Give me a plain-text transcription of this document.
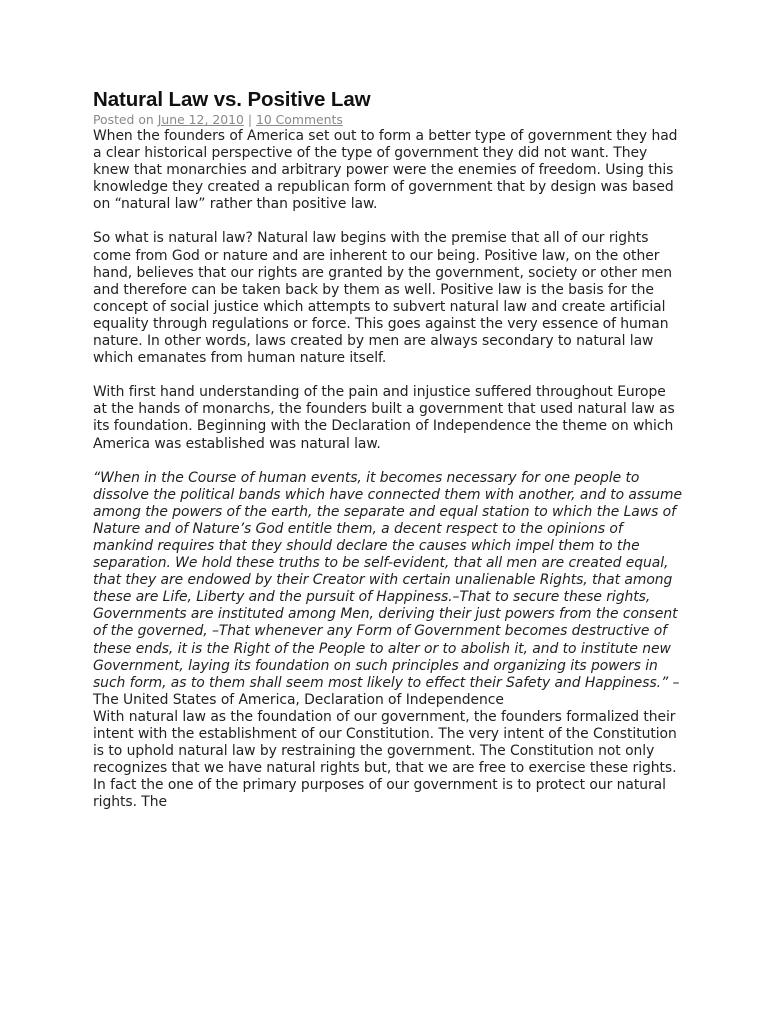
Natural Law vs. Positive Law
Posted on June 12, 2010 | 10 Comments

When the founders of America set out to form a better type of government they had a clear historical perspective of the type of government they did not want. They knew that monarchies and arbitrary power were the enemies of freedom. Using this knowledge they created a republican form of government that by design was based on “natural law” rather than positive law.

So what is natural law? Natural law begins with the premise that all of our rights come from God or nature and are inherent to our being. Positive law, on the other hand, believes that our rights are granted by the government, society or other men and therefore can be taken back by them as well. Positive law is the basis for the concept of social justice which attempts to subvert natural law and create artificial equality through regulations or force. This goes against the very essence of human nature. In other words, laws created by men are always secondary to natural law which emanates from human nature itself.

With first hand understanding of the pain and injustice suffered throughout Europe at the hands of monarchs, the founders built a government that used natural law as its foundation. Beginning with the Declaration of Independence the theme on which America was established was natural law.

“When in the Course of human events, it becomes necessary for one people to dissolve the political bands which have connected them with another, and to assume among the powers of the earth, the separate and equal station to which the Laws of Nature and of Nature’s God entitle them, a decent respect to the opinions of mankind requires that they should declare the causes which impel them to the separation. We hold these truths to be self-evident, that all men are created equal, that they are endowed by their Creator with certain unalienable Rights, that among these are Life, Liberty and the pursuit of Happiness.–That to secure these rights, Governments are instituted among Men, deriving their just powers from the consent of the governed, –That whenever any Form of Government becomes destructive of these ends, it is the Right of the People to alter or to abolish it, and to institute new Government, laying its foundation on such principles and organizing its powers in such form, as to them shall seem most likely to effect their Safety and Happiness.” –

The United States of America, Declaration of Independence

With natural law as the foundation of our government, the founders formalized their intent with the establishment of our Constitution. The very intent of the Constitution is to uphold natural law by restraining the government. The Constitution not only recognizes that we have natural rights but, that we are free to exercise these rights. In fact the one of the primary purposes of our government is to protect our natural rights. The
